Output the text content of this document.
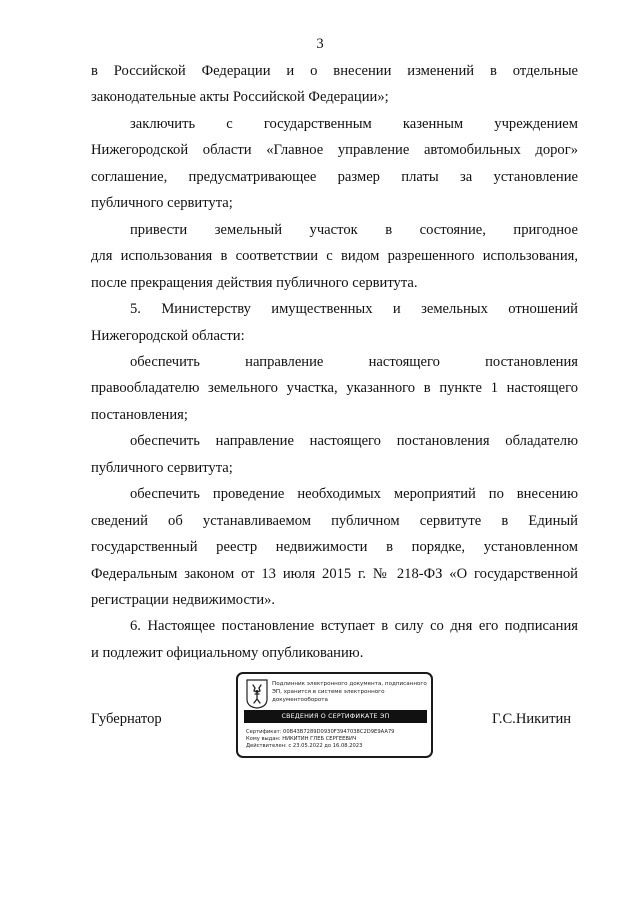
3
в Российской Федерации и о внесении изменений в отдельные
законодательные акты Российской Федерации»;
заключить с государственным казенным учреждением
Нижегородской области «Главное управление автомобильных дорог»
соглашение, предусматривающее размер платы за установление
публичного сервитута;
привести земельный участок в состояние, пригодное
для использования в соответствии с видом разрешенного использования,
после прекращения действия публичного сервитута.
5. Министерству имущественных и земельных отношений
Нижегородской области:
обеспечить направление настоящего постановления
правообладателю земельного участка, указанного в пункте 1 настоящего
постановления;
обеспечить направление настоящего постановления обладателю
публичного сервитута;
обеспечить проведение необходимых мероприятий по внесению
сведений об устанавливаемом публичном сервитуте в Единый
государственный реестр недвижимости в порядке, установленном
Федеральным законом от 13 июля 2015 г. № 218-ФЗ «О государственной
регистрации недвижимости».
6. Настоящее постановление вступает в силу со дня его подписания
и подлежит официальному опубликованию.
Губернатор	Г.С.Никитин
Подлинник электронного документа, подписанного ЭП, хранится в системе электронного документооборота
СВЕДЕНИЯ О СЕРТИФИКАТЕ ЭП
Сертификат: 00B43B7289D0930F3947038C2D9E9AA79
Кому выдан: НИКИТИН ГЛЕБ СЕРГЕЕВИЧ
Действителен: с 23.05.2022 до 16.08.2023
